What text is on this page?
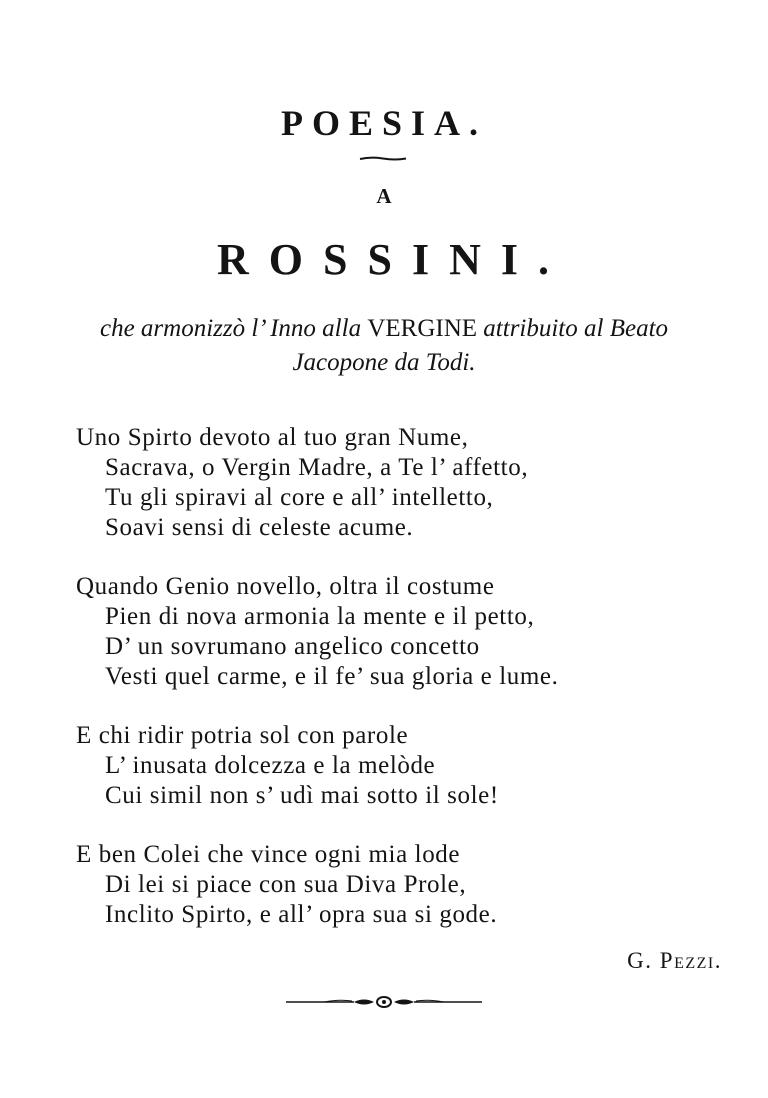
POESIA.
A
ROSSINI.
che armonizzò l’ Inno alla VERGINE attribuito al Beato
Jacopone da Todi.
Uno Spirto devoto al tuo gran Nume,
Sacrava, o Vergin Madre, a Te l’ affetto,
Tu gli spiravi al core e all’ intelletto,
Soavi sensi di celeste acume.
Quando Genio novello, oltra il costume
Pien di nova armonia la mente e il petto,
D’ un sovrumano angelico concetto
Vesti quel carme, e il fe’ sua gloria e lume.
E chi ridir potria sol con parole
L’ inusata dolcezza e la melòde
Cui simil non s’ udì mai sotto il sole!
E ben Colei che vince ogni mia lode
Di lei si piace con sua Diva Prole,
Inclito Spirto, e all’ opra sua si gode.
G. Pezzi.
